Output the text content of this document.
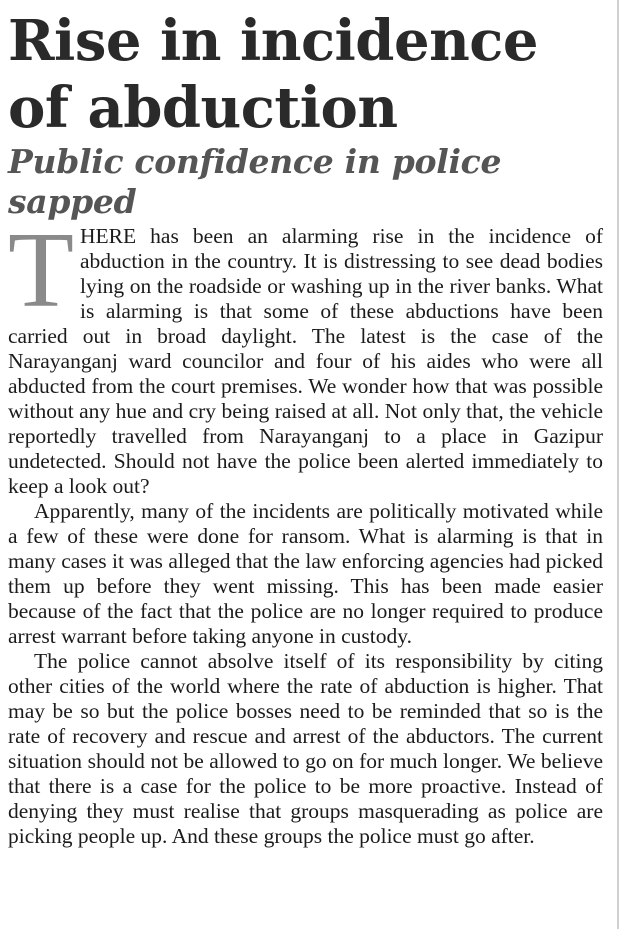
Rise in incidence of abduction
Public confidence in police sapped

THERE has been an alarming rise in the incidence of abduction in the country. It is distressing to see dead bodies lying on the roadside or washing up in the river banks. What is alarming is that some of these abductions have been carried out in broad daylight. The latest is the case of the Narayanganj ward councilor and four of his aides who were all abducted from the court premises. We wonder how that was possible without any hue and cry being raised at all. Not only that, the vehicle reportedly travelled from Narayanganj to a place in Gazipur undetected. Should not have the police been alerted immediately to keep a look out?

Apparently, many of the incidents are politically motivated while a few of these were done for ransom. What is alarming is that in many cases it was alleged that the law enforcing agencies had picked them up before they went missing. This has been made easier because of the fact that the police are no longer required to produce arrest warrant before taking anyone in custody.

The police cannot absolve itself of its responsibility by citing other cities of the world where the rate of abduction is higher. That may be so but the police bosses need to be reminded that so is the rate of recovery and rescue and arrest of the abductors. The current situation should not be allowed to go on for much longer. We believe that there is a case for the police to be more proactive. Instead of denying they must realise that groups masquerading as police are picking people up. And these groups the police must go after.
